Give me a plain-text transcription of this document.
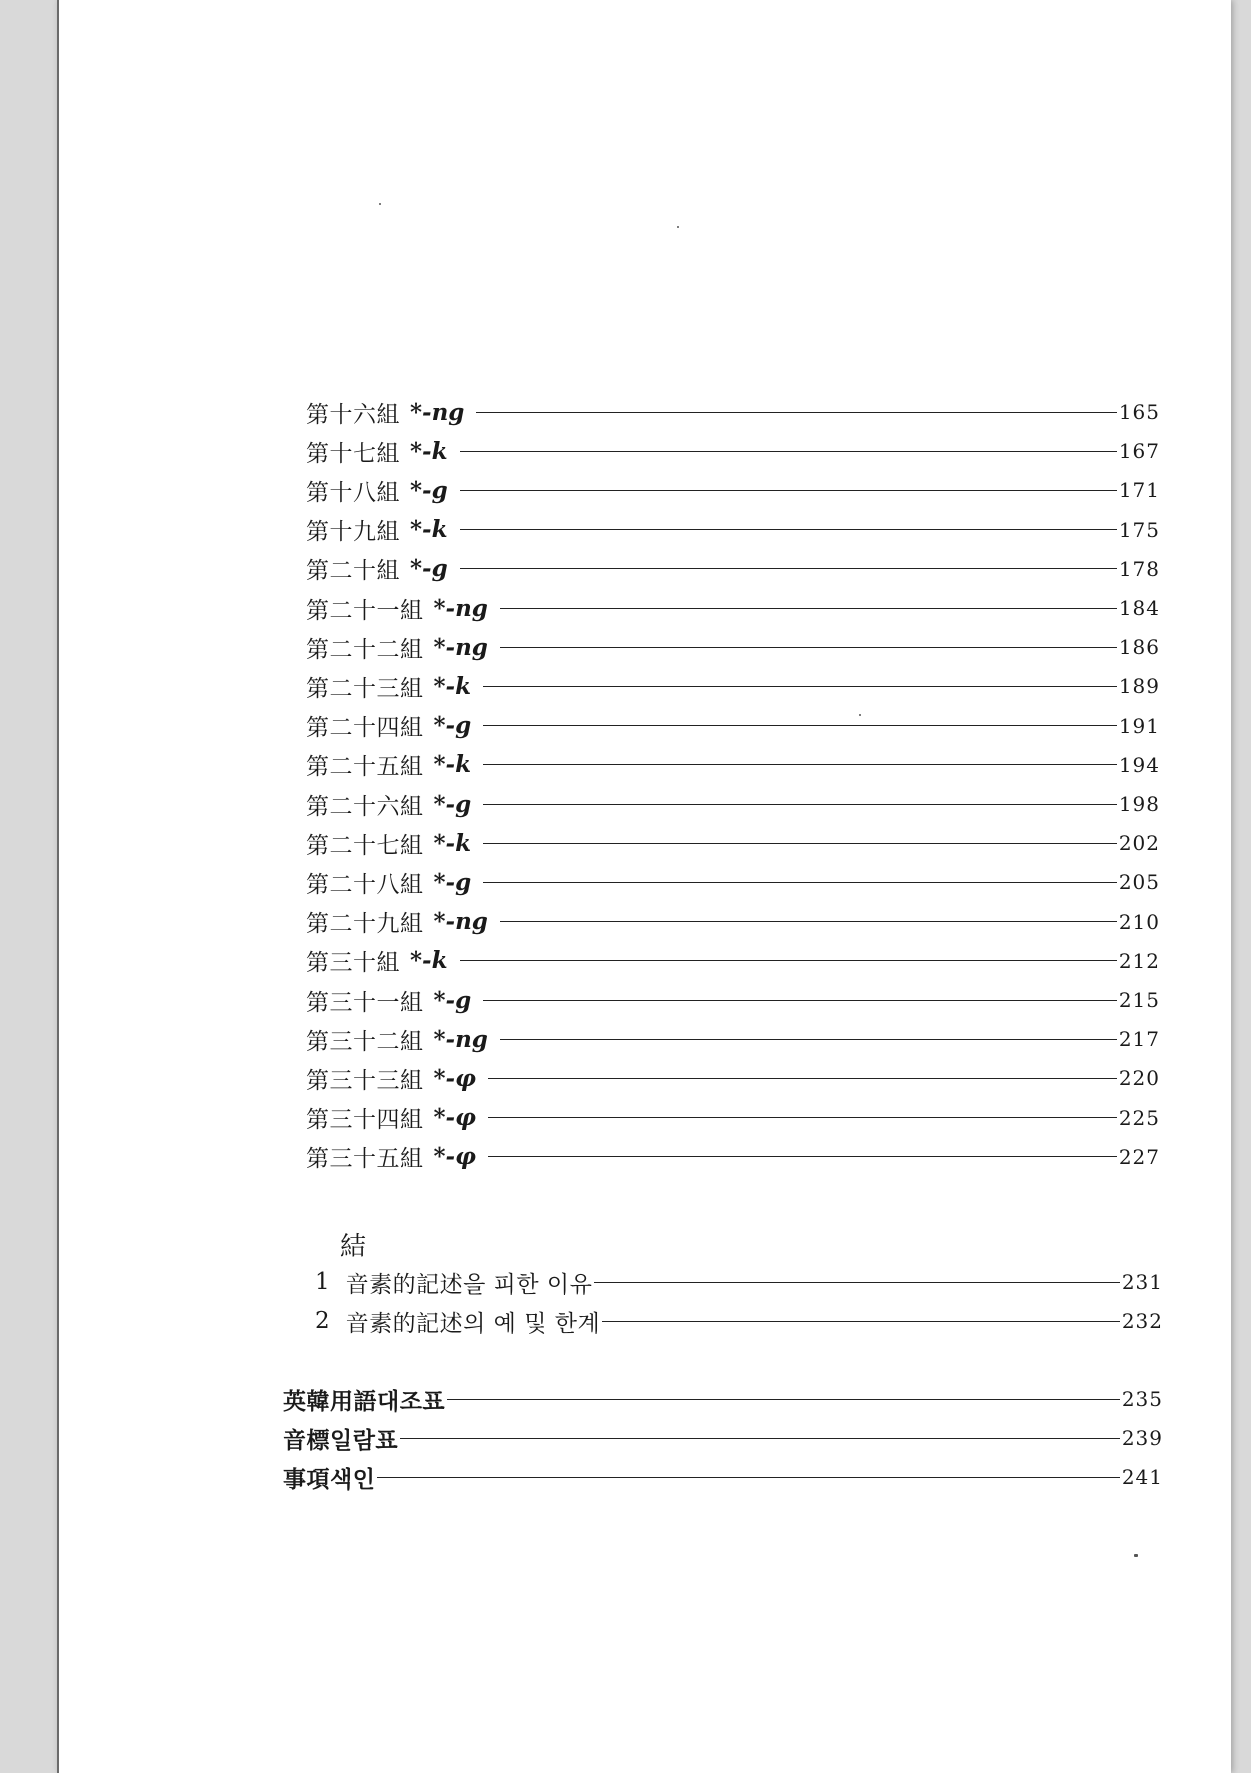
第十六組 *-ng	165
第十七組 *-k	167
第十八組 *-g	171
第十九組 *-k	175
第二十組 *-g	178
第二十一組 *-ng	184
第二十二組 *-ng	186
第二十三組 *-k	189
第二十四組 *-g	191
第二十五組 *-k	194
第二十六組 *-g	198
第二十七組 *-k	202
第二十八組 *-g	205
第二十九組 *-ng	210
第三十組 *-k	212
第三十一組 *-g	215
第三十二組 *-ng	217
第三十三組 *-φ	220
第三十四組 *-φ	225
第三十五組 *-φ	227
結
1 音素的記述을 피한 이유	231
2 音素的記述의 예 및 한계	232
英韓用語대조표	235
音標일람표	239
事項색인	241
